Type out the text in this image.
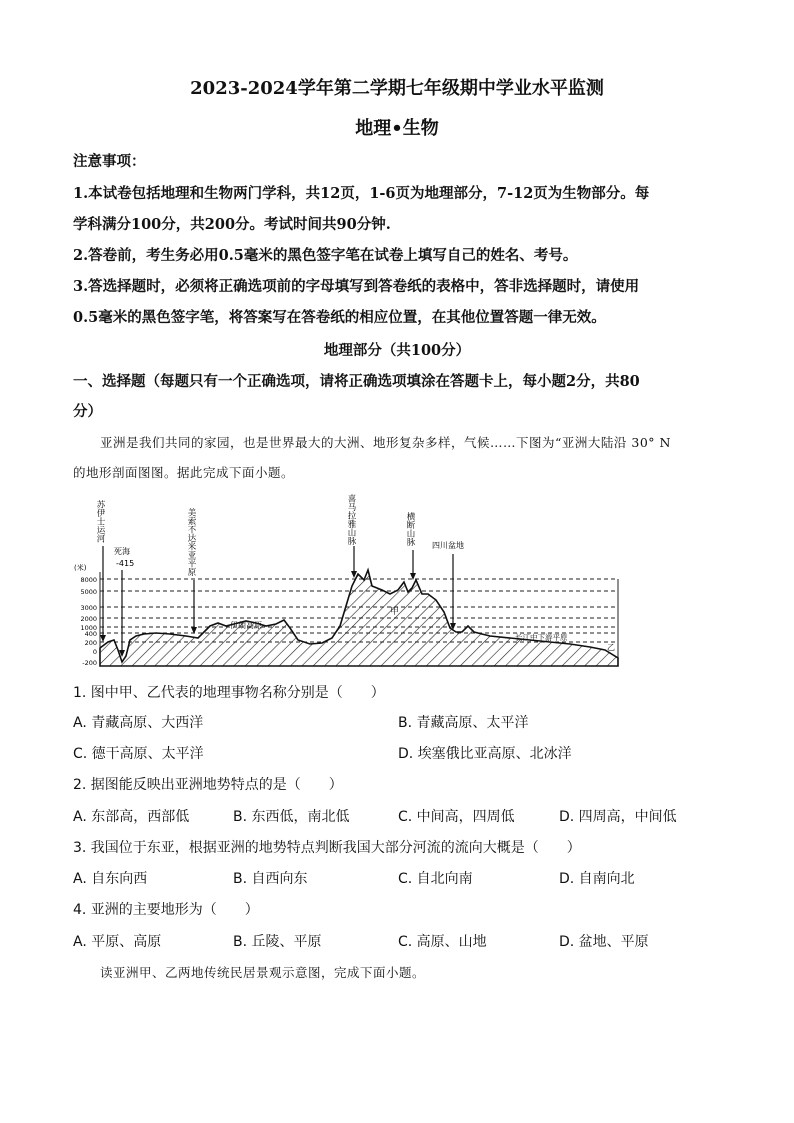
2023-2024学年第二学期七年级期中学业水平监测
地理•生物
注意事项：
1.本试卷包括地理和生物两门学科，共12页，1-6页为地理部分，7-12页为生物部分。每
学科满分100分，共200分。考试时间共90分钟.
2.答卷前，考生务必用0.5毫米的黑色签字笔在试卷上填写自己的姓名、考号。
3.答选择题时，必须将正确选项前的字母填写到答卷纸的表格中，答非选择题时，请使用
0.5毫米的黑色签字笔，将答案写在答卷纸的相应位置，在其他位置答题一律无效。
地理部分（共100分）
一、选择题（每题只有一个正确选项，请将正确选项填涂在答题卡上，每小题2分，共80
分）
亚洲是我们共同的家园，也是世界最大的大洲、地形复杂多样，气候……下图为“亚洲大陆沿 30° N
的地形剖面图图。据此完成下面小题。
(米)
8000
5000
3000
2000
1000
400
200
0
-200
苏伊士运河
死海
-415	美索不达米亚平原	喜马拉雅山脉	横断山脉 四川盆地
伊朗高原
甲
长江中下游平原
乙
1. 图中甲、乙代表的地理事物名称分别是（　　）
A. 青藏高原、大西洋	B. 青藏高原、太平洋
C. 德干高原、太平洋	D. 埃塞俄比亚高原、北冰洋
2. 据图能反映出亚洲地势特点的是（　　）
A. 东部高，西部低	B. 东西低，南北低	C. 中间高，四周低	D. 四周高，中间低
3. 我国位于东亚，根据亚洲的地势特点判断我国大部分河流的流向大概是（　　）
A. 自东向西	B. 自西向东	C. 自北向南	D. 自南向北
4. 亚洲的主要地形为（　　）
A. 平原、高原	B. 丘陵、平原	C. 高原、山地	D. 盆地、平原
读亚洲甲、乙两地传统民居景观示意图，完成下面小题。
